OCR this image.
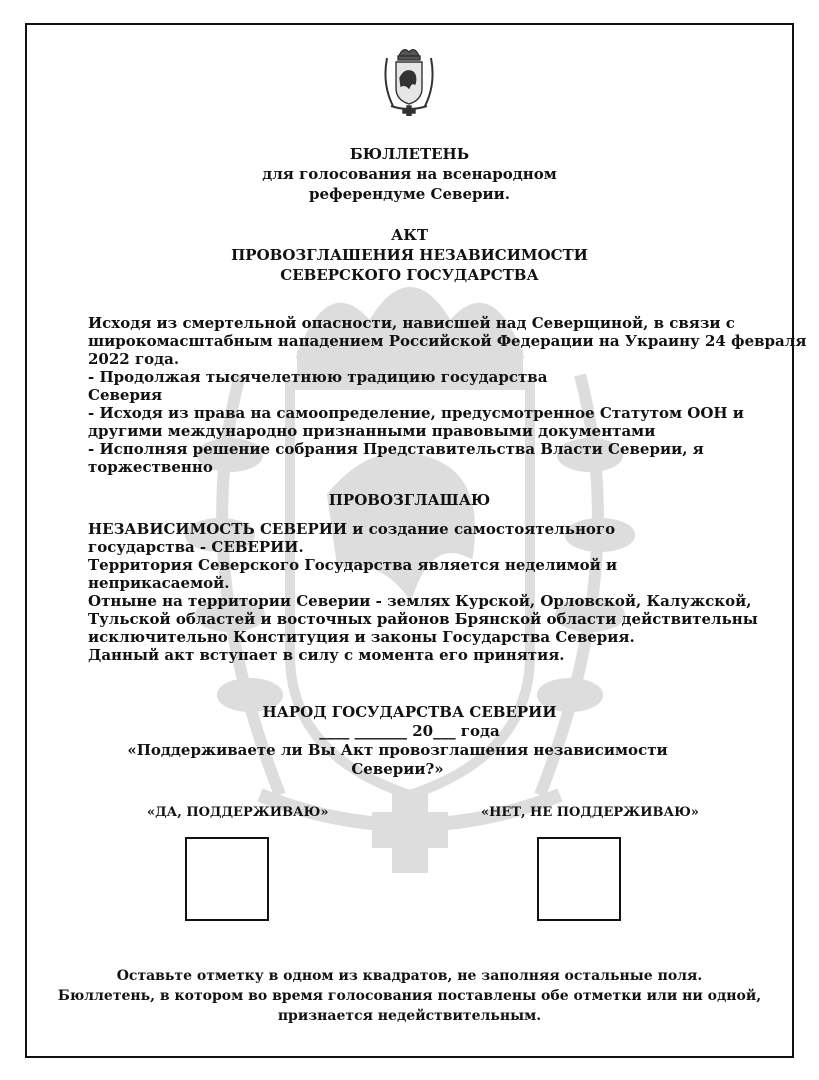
БЮЛЛЕТЕНЬ
для голосования на всенародном
референдуме Северии.
АКТ
ПРОВОЗГЛАШЕНИЯ НЕЗАВИСИМОСТИ
СЕВЕРСКОГО ГОСУДАРСТВА
Исходя из смертельной опасности, нависшей над Северщиной, в связи с
широкомасштабным нападением Российской Федерации на Украину 24 февраля
2022 года.
- Продолжая тысячелетнюю традицию государства
Северия
- Исходя из права на самоопределение, предусмотренное Статутом ООН и
другими международно признанными правовыми документами
- Исполняя решение собрания Представительства Власти Северии, я
торжественно
ПРОВОЗГЛАШАЮ
НЕЗАВИСИМОСТЬ СЕВЕРИИ и создание самостоятельного
государства - СЕВЕРИИ.
Территория Северского Государства является неделимой и
неприкасаемой.
Отныне на территории Северии - землях Курской, Орловской, Калужской,
Тульской областей и восточных районов Брянской области действительны
исключительно Конституция и законы Государства Северия.
Данный акт вступает в силу с момента его принятия.
НАРОД ГОСУДАРСТВА СЕВЕРИИ
____ _______ 20___ года
«Поддерживаете ли Вы Акт провозглашения независимости
Северии?»
«ДА, ПОДДЕРЖИВАЮ»	«НЕТ, НЕ ПОДДЕРЖИВАЮ»
Оставьте отметку в одном из квадратов, не заполняя остальные поля.
Бюллетень, в котором во время голосования поставлены обе отметки или ни одной,
признается недействительным.
